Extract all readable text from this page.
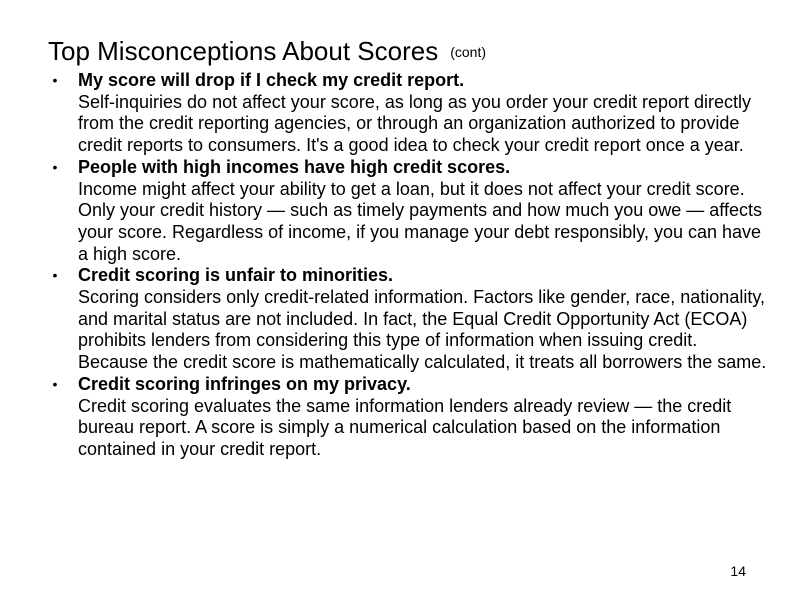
Top Misconceptions About Scores (cont)
• My score will drop if I check my credit report.
Self-inquiries do not affect your score, as long as you order your credit report directly from the credit reporting agencies, or through an organization authorized to provide credit reports to consumers. It's a good idea to check your credit report once a year.
• People with high incomes have high credit scores.
Income might affect your ability to get a loan, but it does not affect your credit score. Only your credit history — such as timely payments and how much you owe — affects your score. Regardless of income, if you manage your debt responsibly, you can have a high score.
• Credit scoring is unfair to minorities.
Scoring considers only credit-related information. Factors like gender, race, nationality, and marital status are not included. In fact, the Equal Credit Opportunity Act (ECOA) prohibits lenders from considering this type of information when issuing credit. Because the credit score is mathematically calculated, it treats all borrowers the same.
• Credit scoring infringes on my privacy.
Credit scoring evaluates the same information lenders already review — the credit bureau report. A score is simply a numerical calculation based on the information contained in your credit report.
14
